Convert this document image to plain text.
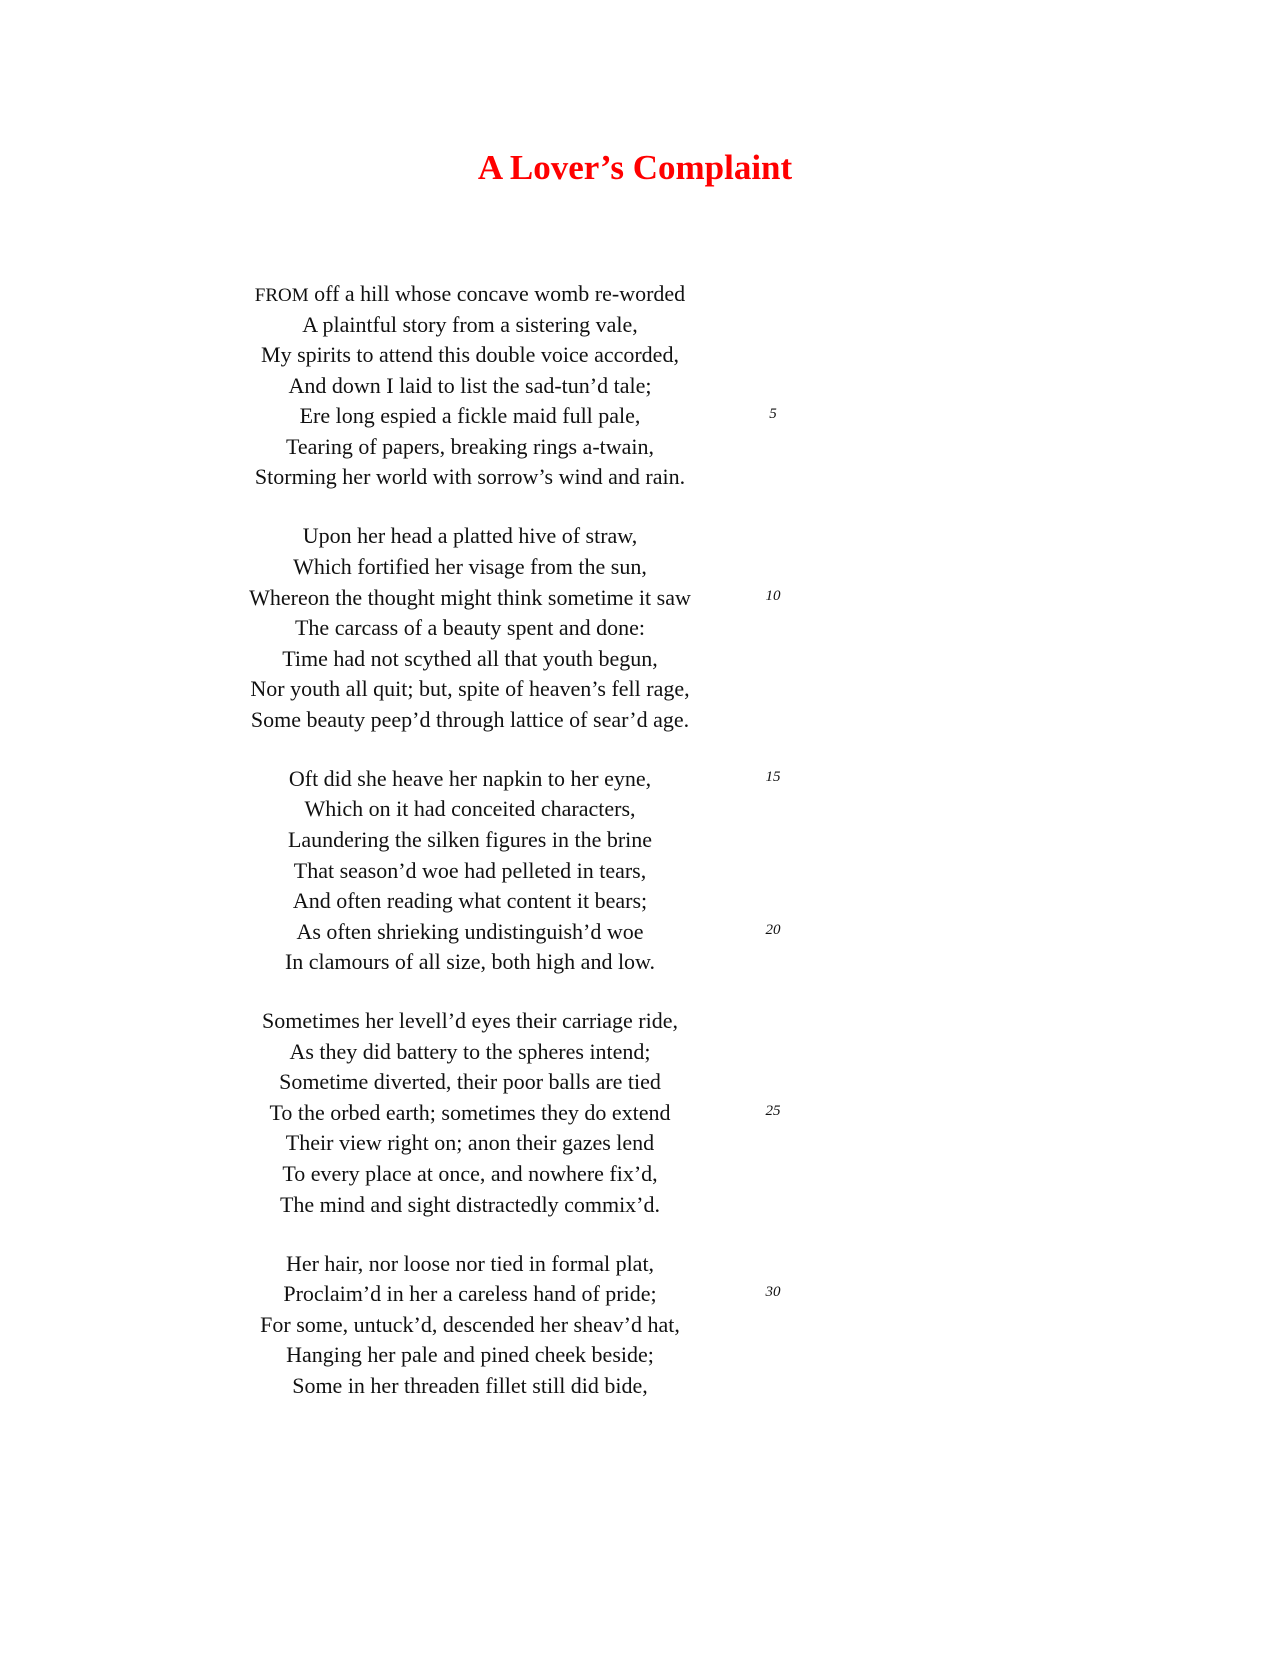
A Lover’s Complaint
FROM off a hill whose concave womb re-worded
A plaintful story from a sistering vale,
My spirits to attend this double voice accorded,
And down I laid to list the sad-tun’d tale;
Ere long espied a fickle maid full pale,
Tearing of papers, breaking rings a-twain,
Storming her world with sorrow’s wind and rain.
Upon her head a platted hive of straw,
Which fortified her visage from the sun,
Whereon the thought might think sometime it saw
The carcass of a beauty spent and done:
Time had not scythed all that youth begun,
Nor youth all quit; but, spite of heaven’s fell rage,
Some beauty peep’d through lattice of sear’d age.
Oft did she heave her napkin to her eyne,
Which on it had conceited characters,
Laundering the silken figures in the brine
That season’d woe had pelleted in tears,
And often reading what content it bears;
As often shrieking undistinguish’d woe
In clamours of all size, both high and low.
Sometimes her levell’d eyes their carriage ride,
As they did battery to the spheres intend;
Sometime diverted, their poor balls are tied
To the orbed earth; sometimes they do extend
Their view right on; anon their gazes lend
To every place at once, and nowhere fix’d,
The mind and sight distractedly commix’d.
Her hair, nor loose nor tied in formal plat,
Proclaim’d in her a careless hand of pride;
For some, untuck’d, descended her sheav’d hat,
Hanging her pale and pined cheek beside;
Some in her threaden fillet still did bide,
5
10
15
20
25
30
